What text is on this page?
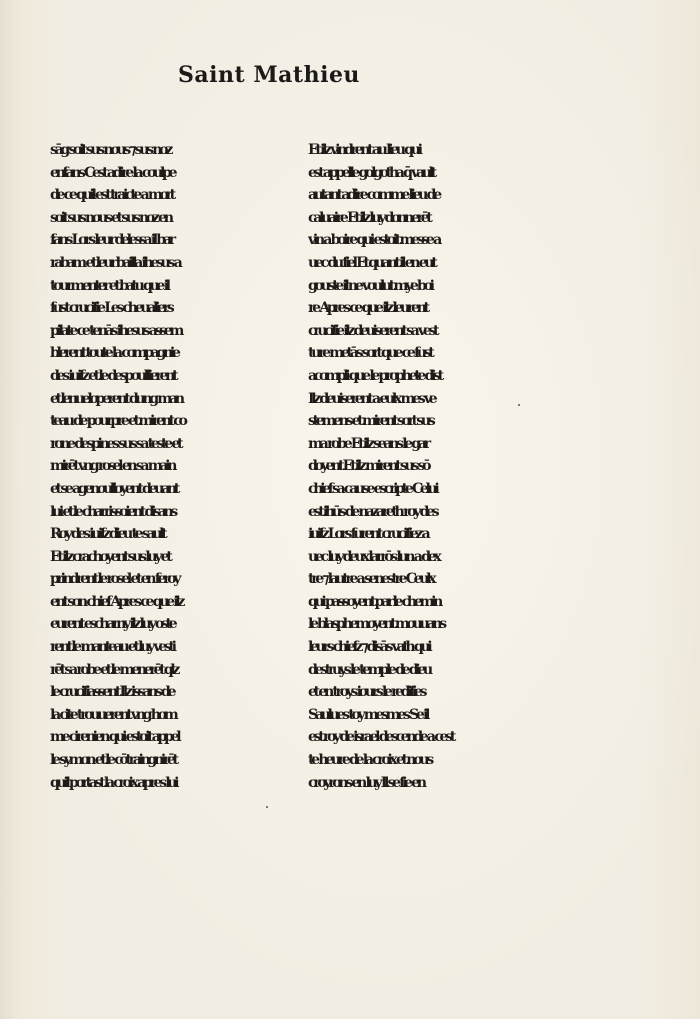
Saint Mathieu
sāg soit sus nous ⁊ sus noz
enfans Cest adire la coulpe
de ce quil est traicte a mort
soit sus nous et sus noz en
fans Lors leur delessa il bar
rabam et leur bailla ihesus a
tourmenter et batu que il
fust crucifie Les cheualiers
pilate ce tenās ihesus assem
blerent toute la compagnie
des iuifz et le despoullierent
et lenueloperent dung man
teau de pourpre et mirent co
rone despines sus sa teste et
mirēt vng rosel en sa main
et se agenoulloyent deuant
lui et le charrissoient disans
Roy des iuifz dieu te sault
Et ilz crachoyent sus luy et
prindrent le rosel et en feroy
ent son chief Apres ce que ilz
eurent escharny ilz luy oste
rent le manteau et luy vesti
rēt sa robe et le menerēt qlz
le crucifiassent Ilz issans de
la cite trouuerent vng hom
me cirenien qui estoit appel
le symon et le cōtraingnirēt
quil portast la croix apres lui
Et ilz vindrent au lieu qui
est appelle golgotha q̄ vault
autant adire comme lieu de
caluaire Et ilz luy donnerēt
vin a boire qui estoit messe a
uec du fiel Et quant il en eut
gouste il ne voulut mye boi
re Apres ce que ilz leurent
crucifie ilz deuiserent sa vest
ture metās sort que ce fust
acompli que le prophete dist
Ilz deuiserent a eulx mes ve
stemens et mirent sort sus
ma robe Et ilz seans le gar
doyent Et ilz mirent sus sō
chief sa cause escripte Celui
est ihūs de nazareth roy des
iuifz Lors furent crucifiez a
uec luy deux larrōs lun a dex
tre ⁊ lautre a senestre Ceulx
qui passoyent par le chemin
le blasphemoyent mouuans
leurs chiefz ⁊ disās vath qui
destruys le temple de dieu
et en troys iours le redifies
Saulues toy mesmes Se il
est roy de israel descende a cest
te heure de la croix et nous
croyrons en luy Il se fie en
